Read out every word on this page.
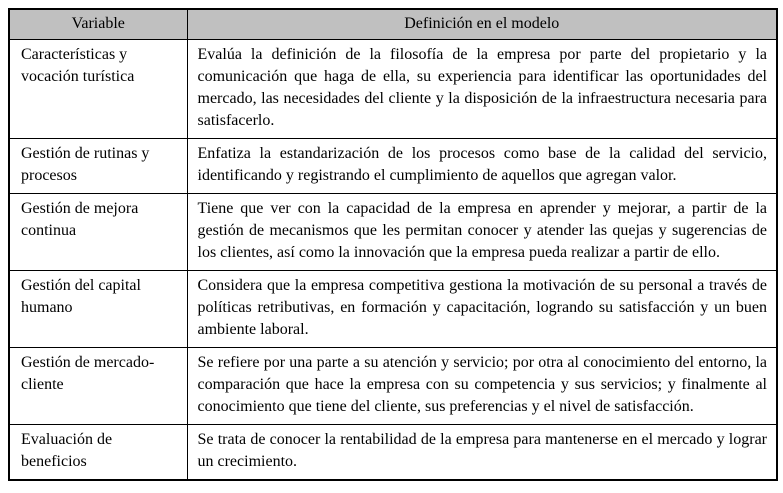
Variable	Definición en el modelo
Características y vocación turística	Evalúa la definición de la filosofía de la empresa por parte del propietario y la comunicación que haga de ella, su experiencia para identificar las oportunidades del mercado, las necesidades del cliente y la disposición de la infraestructura necesaria para satisfacerlo.
Gestión de rutinas y procesos	Enfatiza la estandarización de los procesos como base de la calidad del servicio, identificando y registrando el cumplimiento de aquellos que agregan valor.
Gestión de mejora continua	Tiene que ver con la capacidad de la empresa en aprender y mejorar, a partir de la gestión de mecanismos que les permitan conocer y atender las quejas y sugerencias de los clientes, así como la innovación que la empresa pueda realizar a partir de ello.
Gestión del capital humano	Considera que la empresa competitiva gestiona la motivación de su personal a través de políticas retributivas, en formación y capacitación, logrando su satisfacción y un buen ambiente laboral.
Gestión de mercado-cliente	Se refiere por una parte a su atención y servicio; por otra al conocimiento del entorno, la comparación que hace la empresa con su competencia y sus servicios; y finalmente al conocimiento que tiene del cliente, sus preferencias y el nivel de satisfacción.
Evaluación de beneficios	Se trata de conocer la rentabilidad de la empresa para mantenerse en el mercado y lograr un crecimiento.
